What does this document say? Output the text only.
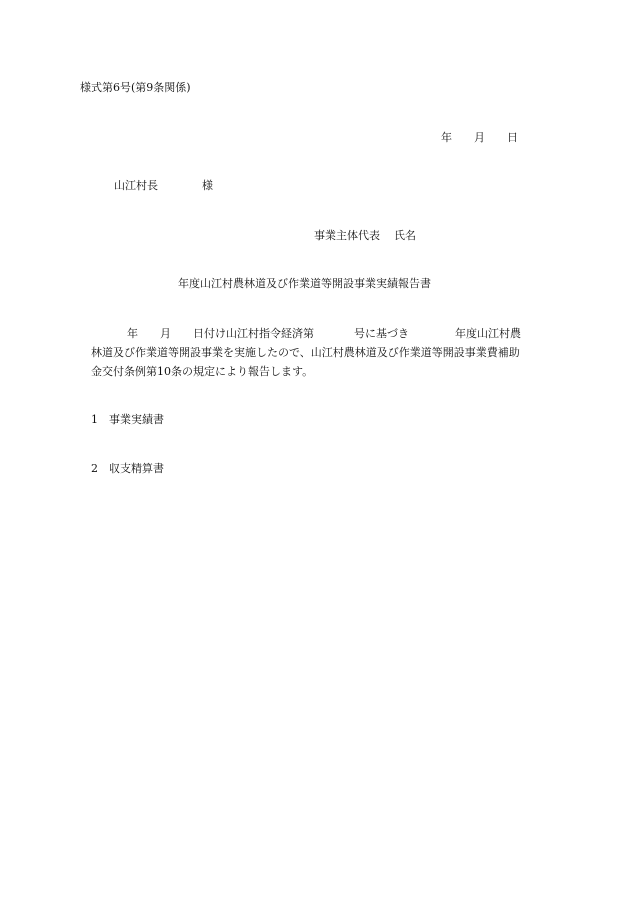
様式第6号(第9条関係)
年 月 日
山江村長	様
事業主体代表 氏名
年度山江村農林道及び作業道等開設事業実績報告書
年 月 日付け山江村指令経済第	号に基づき	年度山江村農
林道及び作業道等開設事業を実施したので、山江村農林道及び作業道等開設事業費補助
金交付条例第10条の規定により報告します。
1 事業実績書
2 収支精算書
